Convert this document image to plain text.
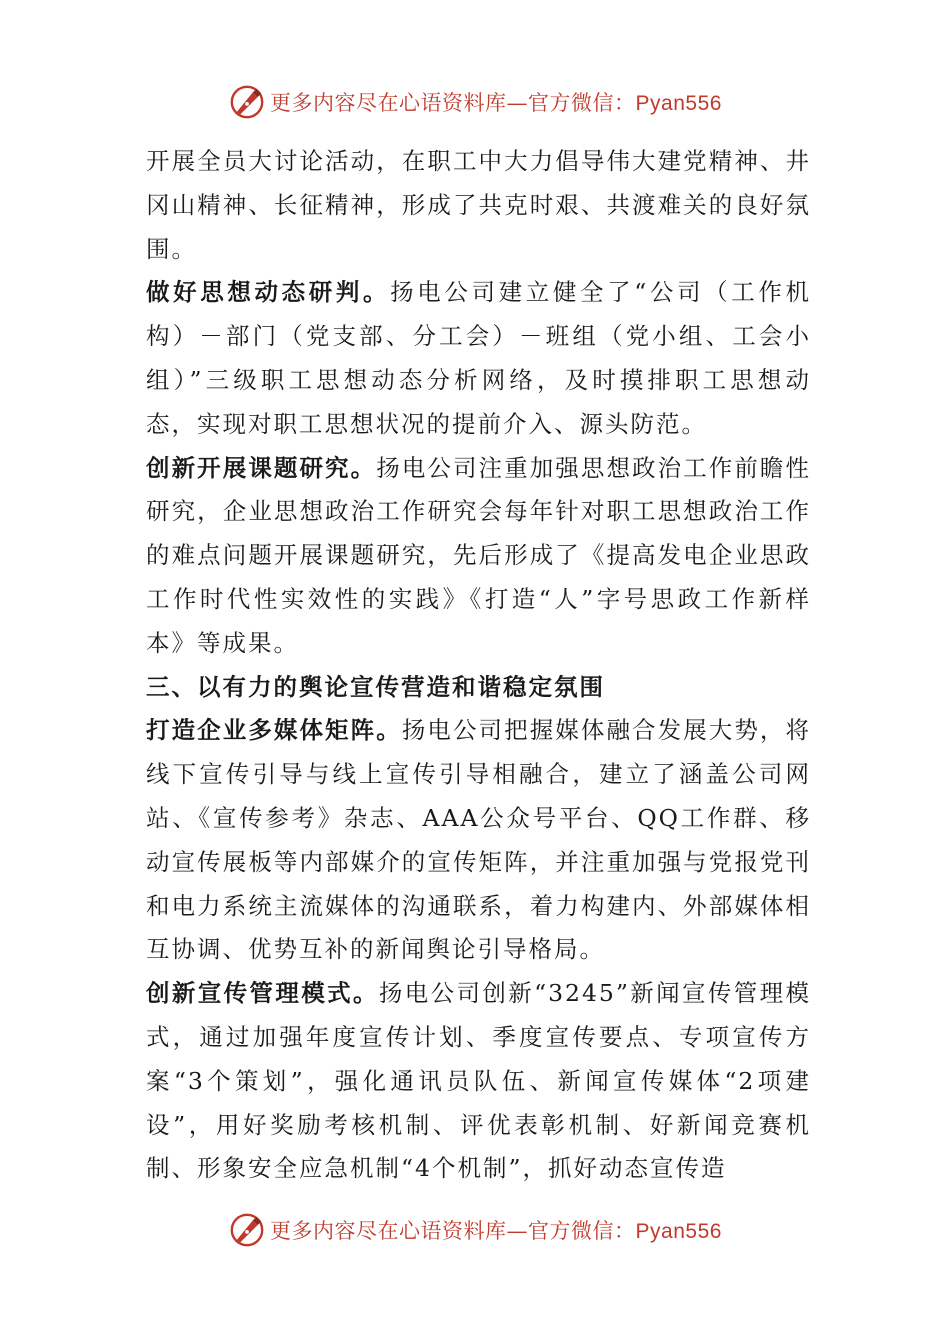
更多内容尽在心语资料库—官方微信：Pyan556

开展全员大讨论活动，在职工中大力倡导伟大建党精神、井冈山精神、长征精神，形成了共克时艰、共渡难关的良好氛围。

做好思想动态研判。扬电公司建立健全了“公司（工作机构）－部门（党支部、分工会）－班组（党小组、工会小组）”三级职工思想动态分析网络，及时摸排职工思想动态，实现对职工思想状况的提前介入、源头防范。

创新开展课题研究。扬电公司注重加强思想政治工作前瞻性研究，企业思想政治工作研究会每年针对职工思想政治工作的难点问题开展课题研究，先后形成了《提高发电企业思政工作时代性实效性的实践》《打造“人”字号思政工作新样本》等成果。

三、以有力的舆论宣传营造和谐稳定氛围

打造企业多媒体矩阵。扬电公司把握媒体融合发展大势，将线下宣传引导与线上宣传引导相融合，建立了涵盖公司网站、《宣传参考》杂志、AAA公众号平台、QQ工作群、移动宣传展板等内部媒介的宣传矩阵，并注重加强与党报党刊和电力系统主流媒体的沟通联系，着力构建内、外部媒体相互协调、优势互补的新闻舆论引导格局。

创新宣传管理模式。扬电公司创新“3245”新闻宣传管理模式，通过加强年度宣传计划、季度宣传要点、专项宣传方案“3个策划”，强化通讯员队伍、新闻宣传媒体“2项建设”，用好奖励考核机制、评优表彰机制、好新闻竞赛机制、形象安全应急机制“4个机制”，抓好动态宣传造

更多内容尽在心语资料库—官方微信：Pyan556
